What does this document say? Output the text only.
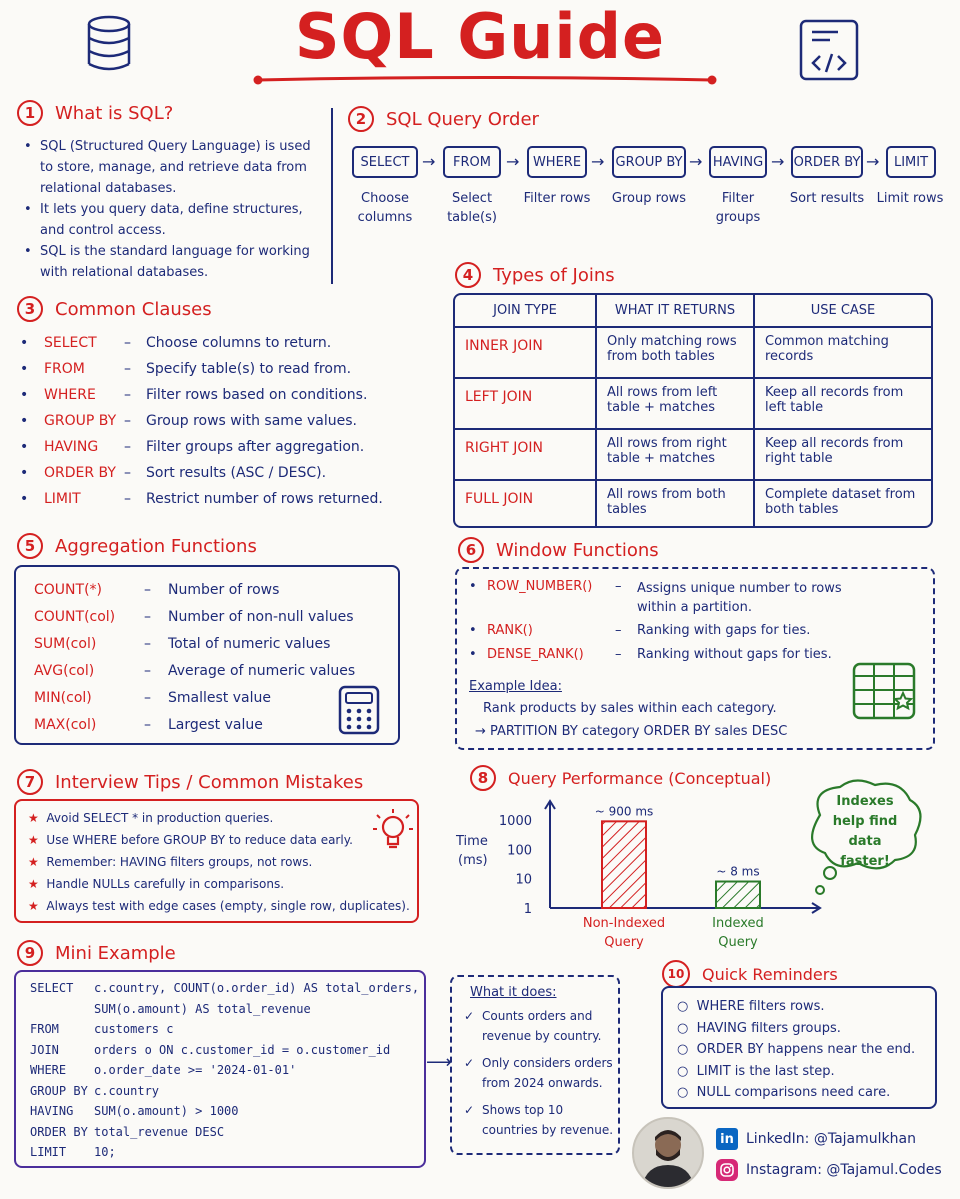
SQL Guide
1	What is SQL?
• SQL (Structured Query Language) is used to store, manage, and retrieve data from relational databases.
• It lets you query data, define structures, and control access.
• SQL is the standard language for working with relational databases.
2	SQL Query Order
SELECT →	FROM →	WHERE → GROUP BY → HAVING → ORDER BY →	LIMIT
Choose columns
Select table(s)
Filter rows	Group rows	Filter groups
Sort results Limit rows
3	Common Clauses
•	SELECT	–	Choose columns to return.
•	FROM	–	Specify table(s) to read from.
•	WHERE	–	Filter rows based on conditions.
•	GROUP BY –	Group rows with same values.
•	HAVING	–	Filter groups after aggregation.
•	ORDER BY –	Sort results (ASC / DESC).
•	LIMIT	–	Restrict number of rows returned.
4	Types of Joins
JOIN TYPE	WHAT IT RETURNS	USE CASE
INNER JOIN	Only matching rows from both tables	Common matching records
LEFT JOIN	All rows from left table + matches	Keep all records from left table
RIGHT JOIN	All rows from right table + matches	Keep all records from right table
FULL JOIN	All rows from both tables	Complete dataset from both tables
5	Aggregation Functions
COUNT(*)	–	Number of rows
COUNT(col)	–	Number of non-null values
SUM(col)	–	Total of numeric values
AVG(col)	–	Average of numeric values
MIN(col)	–	Smallest value
MAX(col)	–	Largest value
6	Window Functions
• ROW_NUMBER() – Assigns unique number to rows within a partition.
• RANK()	– Ranking with gaps for ties.
• DENSE_RANK() – Ranking without gaps for ties.
Example Idea:
Rank products by sales within each category.
→ PARTITION BY category ORDER BY sales DESC
7	Interview Tips / Common Mistakes
★ Avoid SELECT * in production queries.
★ Use WHERE before GROUP BY to reduce data early.
★ Remember: HAVING filters groups, not rows.
★ Handle NULLs carefully in comparisons.
★ Always test with edge cases (empty, single row, duplicates).
8	Query Performance (Conceptual)
Time (ms)
1000
100
10
1
~ 900 ms
Non-Indexed Query
~ 8 ms
Indexed Query
Indexes help find data faster!
9	Mini Example
SELECT c.country, COUNT(o.order_id) AS total_orders,
SUM(o.amount) AS total_revenue
FROM	customers c
JOIN	orders o ON c.customer_id = o.customer_id
WHERE o.order_date >= '2024-01-01'
GROUP BY c.country
HAVING SUM(o.amount) > 1000
ORDER BY total_revenue DESC
LIMIT 10;
⟶
What it does:
✓ Counts orders and revenue by country.
✓ Only considers orders from 2024 onwards.
✓ Shows top 10 countries by revenue.
10	Quick Reminders
○ WHERE filters rows.
○ HAVING filters groups.
○ ORDER BY happens near the end.
○ LIMIT is the last step.
○ NULL comparisons need care.
in LinkedIn: @Tajamulkhan
Instagram: @Tajamul.Codes
